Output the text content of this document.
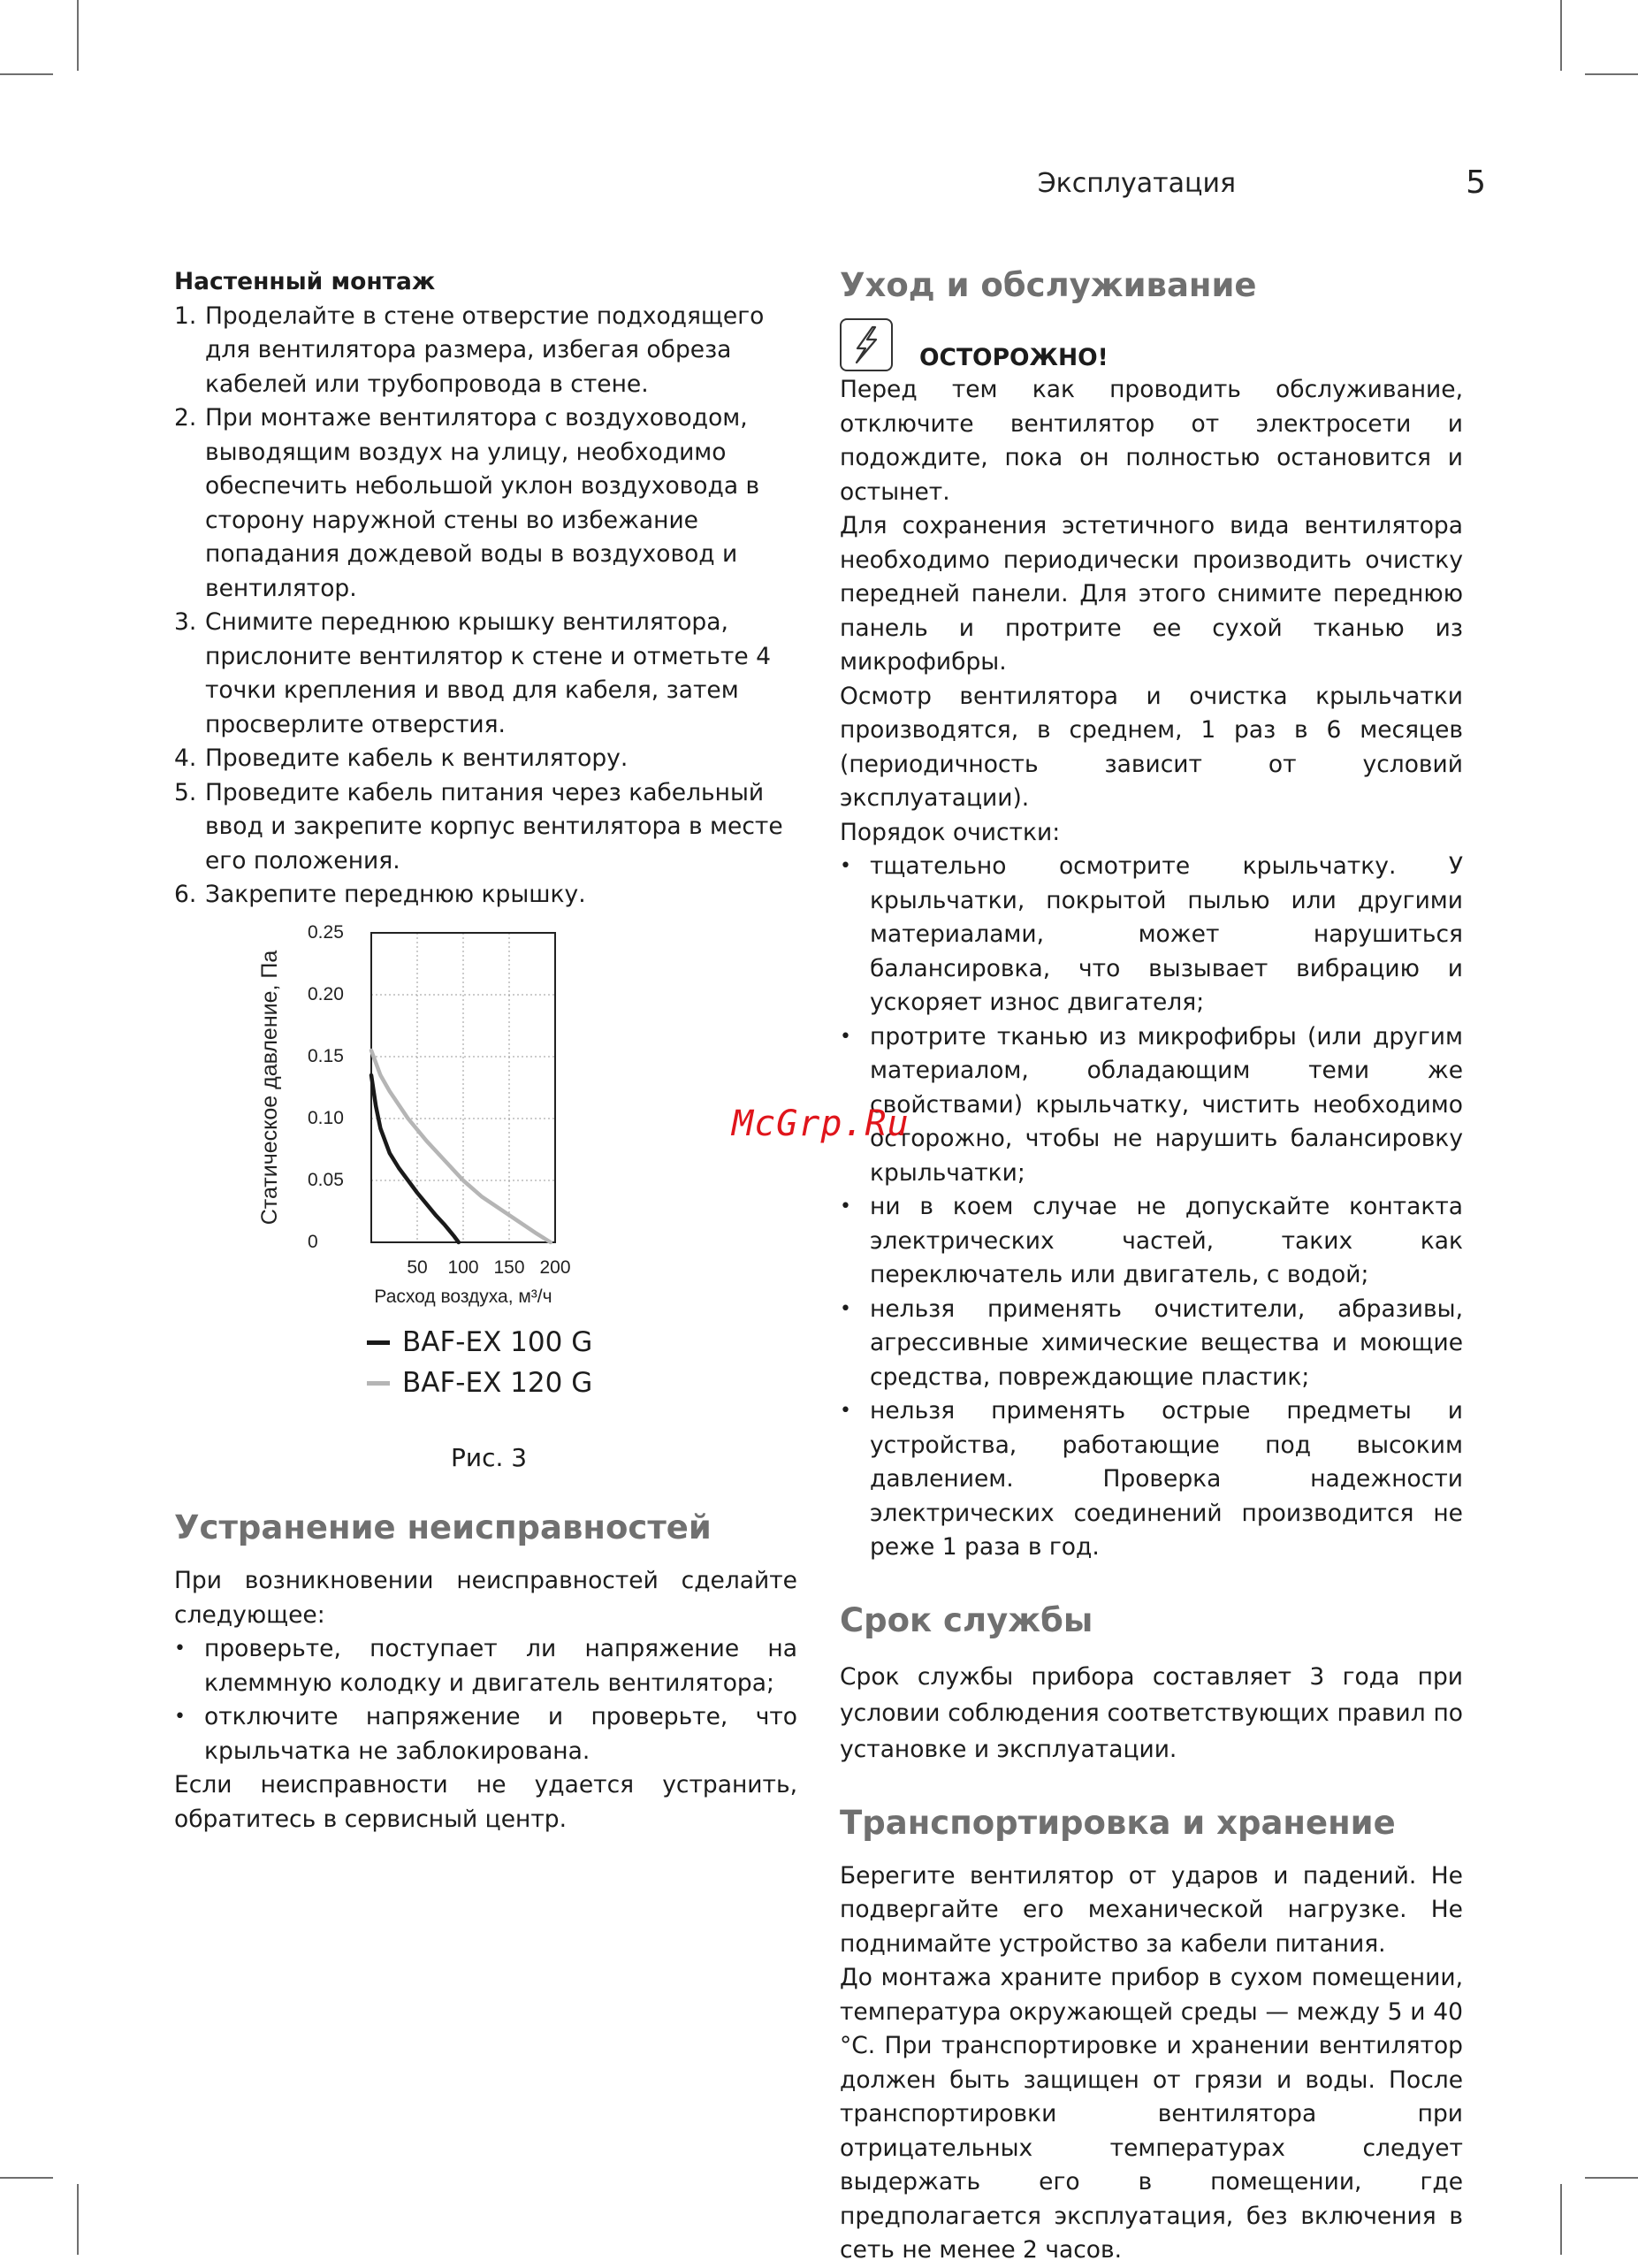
Эксплуатация	5

Настенный монтаж

1. Проделайте в стене отверстие подходящего для вентилятора размера, избегая обреза кабелей или трубопровода в стене.
2. При монтаже вентилятора с воздуховодом, выводящим воздух на улицу, необходимо обеспечить небольшой уклон воздуховода в сторону наружной стены во избежание попадания дождевой воды в воздуховод и вентилятор.
3. Снимите переднюю крышку вентилятора, прислоните вентилятор к стене и отметьте 4 точки крепления и ввод для кабеля, затем просверлите отверстия.
4. Проведите кабель к вентилятору.
5. Проведите кабель питания через кабельный ввод и закрепите корпус вентилятора в месте его положения.
6. Закрепите переднюю крышку.
0
0.05
0.10
0.15
0.20
0.25
50 100 150 200
Расход воздуха, м³/ч
Статическое давление, Па
BAF-EX 100 G
BAF-EX 120 G
Рис. 3
Устранение неисправностей

При возникновении неисправностей сделайте следующее:

• проверьте, поступает ли напряжение на клеммную колодку и двигатель вентилятора;
• отключите напряжение и проверьте, что крыльчатка не заблокирована.

Если неисправности не удается устранить, обратитесь в сервисный центр.

Уход и обслуживание
ОСТОРОЖНО!

Перед тем как проводить обслуживание, отключите вентилятор от электросети и подождите, пока он полностью остановится и остынет.

Для сохранения эстетичного вида вентилятора необходимо периодически производить очистку передней панели. Для этого снимите переднюю панель и протрите ее сухой тканью из микрофибры.

Осмотр вентилятора и очистка крыльчатки производятся, в среднем, 1 раз в 6 месяцев (периодичность зависит от условий эксплуатации).

Порядок очистки:

• тщательно осмотрите крыльчатку. У крыльчатки, покрытой пылью или другими материалами, может нарушиться балансировка, что вызывает вибрацию и ускоряет износ двигателя;
• протрите тканью из микрофибры (или другим материалом, обладающим теми же свойствами) крыльчатку, чистить необходимо осторожно, чтобы не нарушить балансировку крыльчатки;
• ни в коем случае не допускайте контакта электрических частей, таких как переключатель или двигатель, с водой;
• нельзя применять очистители, абразивы, агрессивные химические вещества и моющие средства, повреждающие пластик;
• нельзя применять острые предметы и устройства, работающие под высоким давлением. Проверка надежности электрических соединений производится не реже 1 раза в год.
Срок службы

Срок службы прибора составляет 3 года при условии соблюдения соответствующих правил по установке и эксплуатации.

Транспортировка и хранение

Берегите вентилятор от ударов и падений. Не подвергайте его механической нагрузке. Не поднимайте устройство за кабели питания.

До монтажа храните прибор в сухом помещении, температура окружающей среды — между 5 и 40 °C. При транспортировке и хранении вентилятор должен быть защищен от грязи и воды. После транспортировки вентилятора при отрицательных температурах следует выдержать его в помещении, где предполагается эксплуатация, без включения в сеть не менее 2 часов.

McGrp.Ru
